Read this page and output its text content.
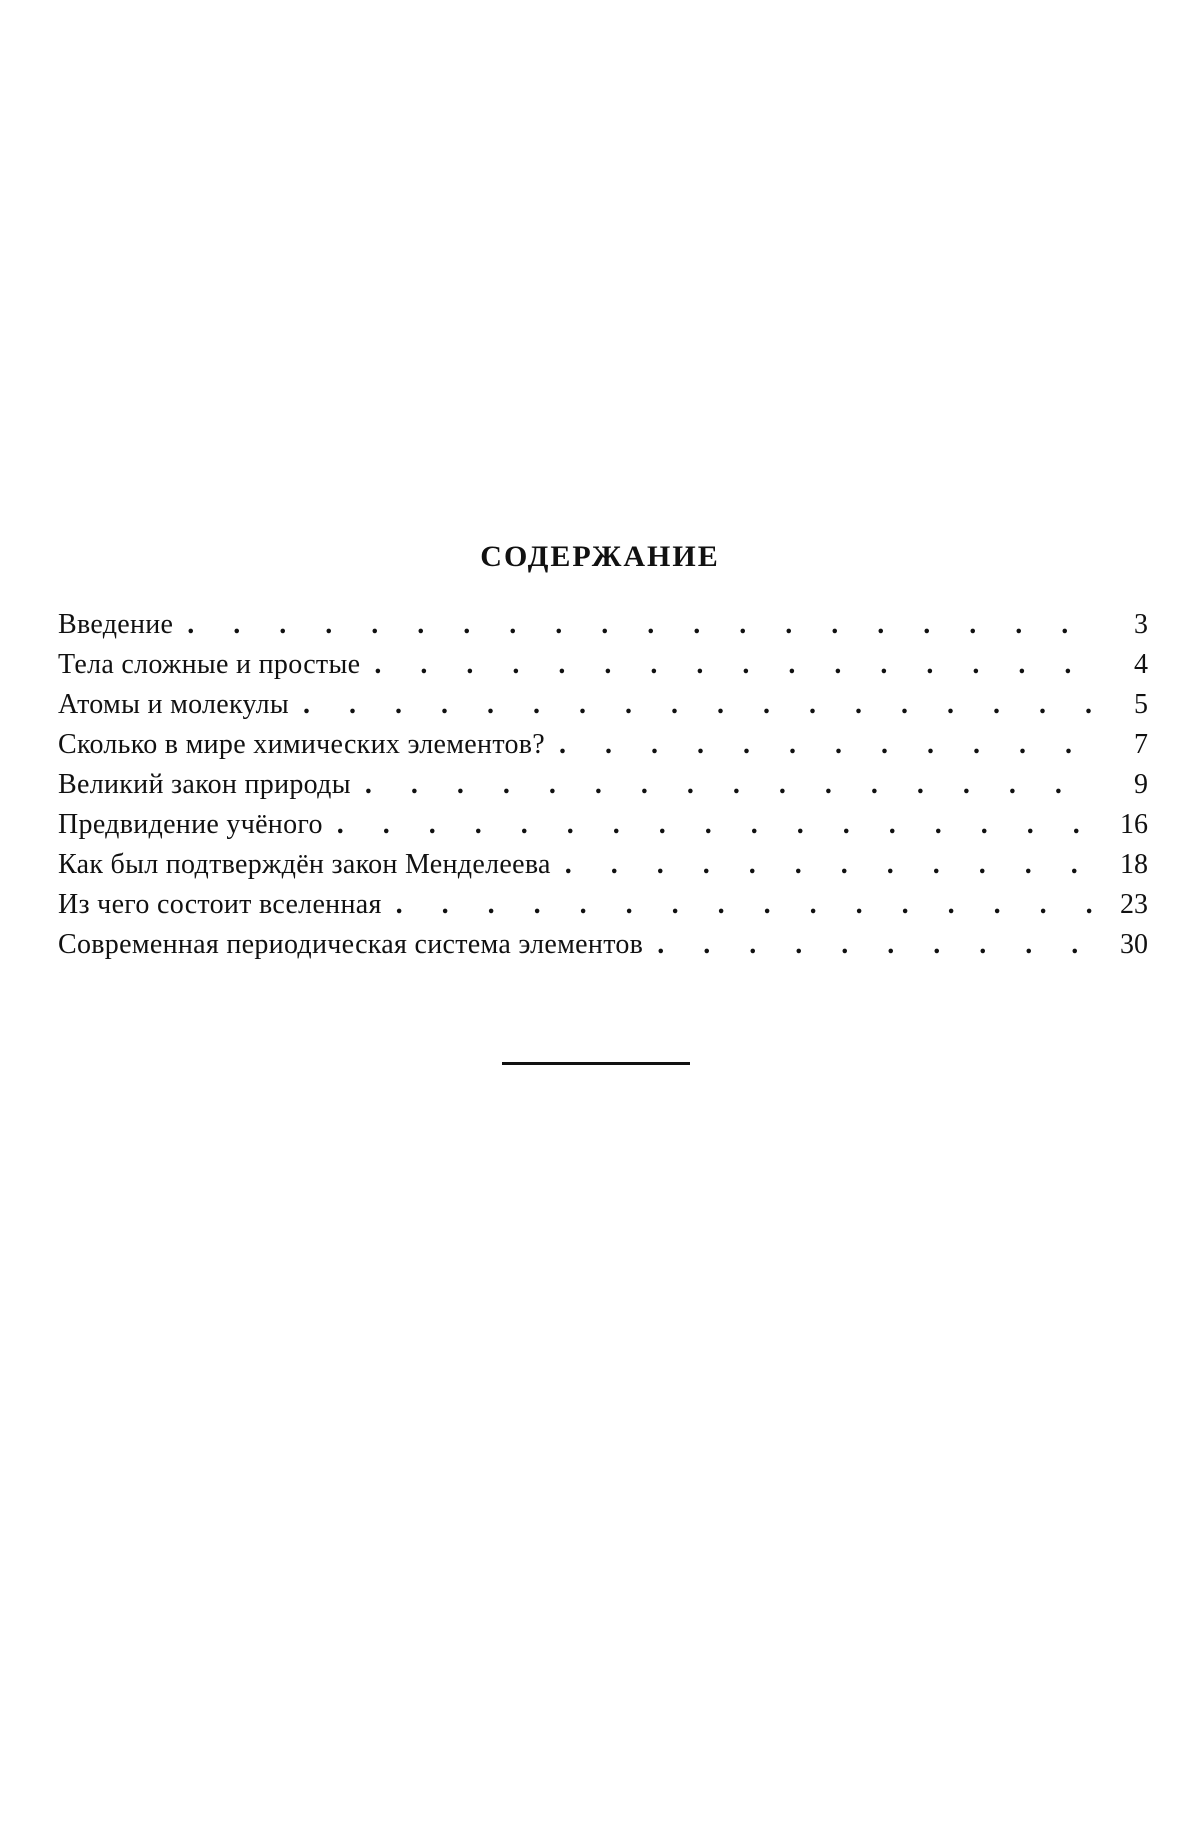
СОДЕРЖАНИЕ
Введение . . .	3
Тела сложные и простые . . .	4
Атомы и молекулы . . .	5
Сколько в мире химических элементов? . . .	7
Великий закон природы . . .	9
Предвидение учёного . . .	16
Как был подтверждён закон Менделеева . . .	18
Из чего состоит вселенная . . .	23
Современная периодическая система элементов . . .	30
